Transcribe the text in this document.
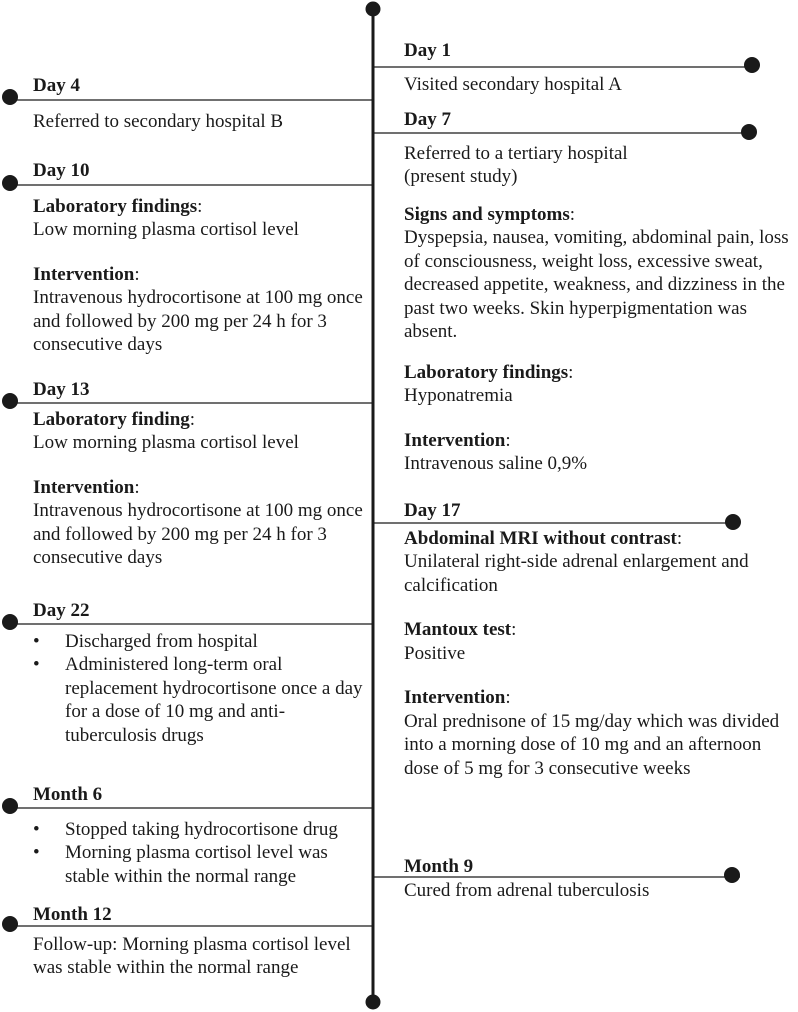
Day 4
Referred to secondary hospital B
Day 10
Laboratory findings:
Low morning plasma cortisol level
Intervention:
Intravenous hydrocortisone at 100 mg once and followed by 200 mg per 24 h for 3 consecutive days
Day 13
Laboratory finding:
Low morning plasma cortisol level
Intervention:
Intravenous hydrocortisone at 100 mg once and followed by 200 mg per 24 h for 3 consecutive days
Day 22
• Discharged from hospital
• Administered long-term oral replacement hydrocortisone once a day for a dose of 10 mg and anti-tuberculosis drugs
Month 6
• Stopped taking hydrocortisone drug
• Morning plasma cortisol level was stable within the normal range
Month 12
Follow-up: Morning plasma cortisol level was stable within the normal range
Day 1
Visited secondary hospital A
Day 7
Referred to a tertiary hospital
(present study)
Signs and symptoms:
Dyspepsia, nausea, vomiting, abdominal pain, loss of consciousness, weight loss, excessive sweat, decreased appetite, weakness, and dizziness in the past two weeks. Skin hyperpigmentation was absent.
Laboratory findings:
Hyponatremia
Intervention:
Intravenous saline 0,9%
Day 17
Abdominal MRI without contrast:
Unilateral right-side adrenal enlargement and calcification
Mantoux test:
Positive
Intervention:
Oral prednisone of 15 mg/day which was divided into a morning dose of 10 mg and an afternoon dose of 5 mg for 3 consecutive weeks
Month 9
Cured from adrenal tuberculosis
